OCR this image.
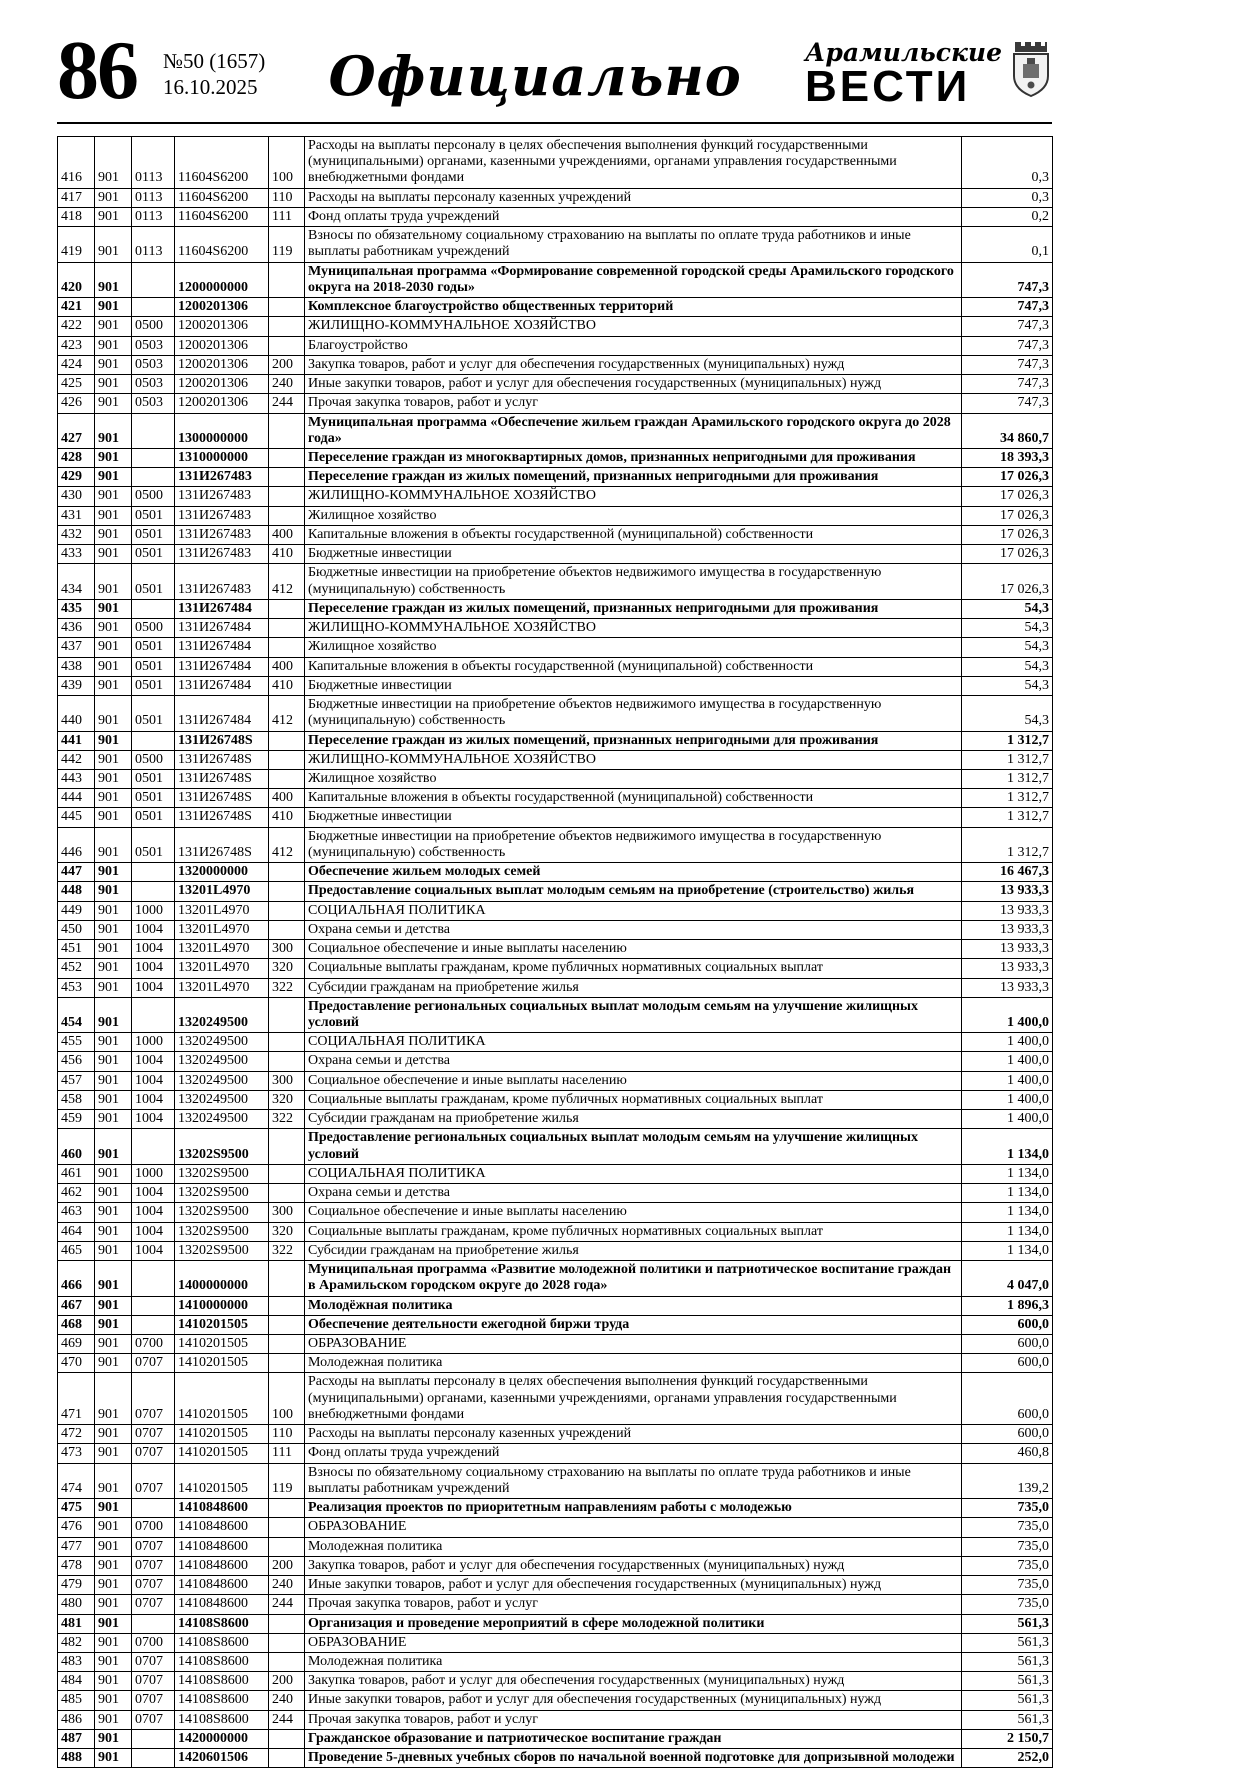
86 №50 (1657)
16.10.2025	Официально	Арамильские
ВЕСТИ
416	901	0113	11604S6200	100	Расходы на выплаты персоналу в целях обеспечения выполнения функций государственными (муниципальными) органами, казенными учреждениями, органами управления государственными внебюджетными фондами	0,3
417	901	0113	11604S6200	110	Расходы на выплаты персоналу казенных учреждений	0,3
418	901	0113	11604S6200	111	Фонд оплаты труда учреждений	0,2
419	901	0113	11604S6200	119	Взносы по обязательному социальному страхованию на выплаты по оплате труда работников и иные выплаты работникам учреждений	0,1
420	901		1200000000		Муниципальная программа «Формирование современной городской среды Арамильского городского округа на 2018-2030 годы»	747,3
421	901		1200201306		Комплексное благоустройство общественных территорий	747,3
422	901	0500	1200201306		ЖИЛИЩНО-КОММУНАЛЬНОЕ ХОЗЯЙСТВО	747,3
423	901	0503	1200201306		Благоустройство	747,3
424	901	0503	1200201306	200	Закупка товаров, работ и услуг для обеспечения государственных (муниципальных) нужд	747,3
425	901	0503	1200201306	240	Иные закупки товаров, работ и услуг для обеспечения государственных (муниципальных) нужд	747,3
426	901	0503	1200201306	244	Прочая закупка товаров, работ и услуг	747,3
427	901		1300000000		Муниципальная программа «Обеспечение жильем граждан Арамильского городского округа до 2028 года»	34 860,7
428	901		1310000000		Переселение граждан из многоквартирных домов, признанных непригодными для проживания	18 393,3
429	901		131И267483		Переселение граждан из жилых помещений, признанных непригодными для проживания	17 026,3
430	901	0500	131И267483		ЖИЛИЩНО-КОММУНАЛЬНОЕ ХОЗЯЙСТВО	17 026,3
431	901	0501	131И267483		Жилищное хозяйство	17 026,3
432	901	0501	131И267483	400	Капитальные вложения в объекты государственной (муниципальной) собственности	17 026,3
433	901	0501	131И267483	410	Бюджетные инвестиции	17 026,3
434	901	0501	131И267483	412	Бюджетные инвестиции на приобретение объектов недвижимого имущества в государственную (муниципальную) собственность	17 026,3
435	901		131И267484		Переселение граждан из жилых помещений, признанных непригодными для проживания	54,3
436	901	0500	131И267484		ЖИЛИЩНО-КОММУНАЛЬНОЕ ХОЗЯЙСТВО	54,3
437	901	0501	131И267484		Жилищное хозяйство	54,3
438	901	0501	131И267484	400	Капитальные вложения в объекты государственной (муниципальной) собственности	54,3
439	901	0501	131И267484	410	Бюджетные инвестиции	54,3
440	901	0501	131И267484	412	Бюджетные инвестиции на приобретение объектов недвижимого имущества в государственную (муниципальную) собственность	54,3
441	901		131И26748S		Переселение граждан из жилых помещений, признанных непригодными для проживания	1 312,7
442	901	0500	131И26748S		ЖИЛИЩНО-КОММУНАЛЬНОЕ ХОЗЯЙСТВО	1 312,7
443	901	0501	131И26748S		Жилищное хозяйство	1 312,7
444	901	0501	131И26748S	400	Капитальные вложения в объекты государственной (муниципальной) собственности	1 312,7
445	901	0501	131И26748S	410	Бюджетные инвестиции	1 312,7
446	901	0501	131И26748S	412	Бюджетные инвестиции на приобретение объектов недвижимого имущества в государственную (муниципальную) собственность	1 312,7
447	901		1320000000		Обеспечение жильем молодых семей	16 467,3
448	901		13201L4970		Предоставление социальных выплат молодым семьям на приобретение (строительство) жилья	13 933,3
449	901	1000	13201L4970		СОЦИАЛЬНАЯ ПОЛИТИКА	13 933,3
450	901	1004	13201L4970		Охрана семьи и детства	13 933,3
451	901	1004	13201L4970	300	Социальное обеспечение и иные выплаты населению	13 933,3
452	901	1004	13201L4970	320	Социальные выплаты гражданам, кроме публичных нормативных социальных выплат	13 933,3
453	901	1004	13201L4970	322	Субсидии гражданам на приобретение жилья	13 933,3
454	901		1320249500		Предоставление региональных социальных выплат молодым семьям на улучшение жилищных условий	1 400,0
455	901	1000	1320249500		СОЦИАЛЬНАЯ ПОЛИТИКА	1 400,0
456	901	1004	1320249500		Охрана семьи и детства	1 400,0
457	901	1004	1320249500	300	Социальное обеспечение и иные выплаты населению	1 400,0
458	901	1004	1320249500	320	Социальные выплаты гражданам, кроме публичных нормативных социальных выплат	1 400,0
459	901	1004	1320249500	322	Субсидии гражданам на приобретение жилья	1 400,0
460	901		13202S9500		Предоставление региональных социальных выплат молодым семьям на улучшение жилищных условий	1 134,0
461	901	1000	13202S9500		СОЦИАЛЬНАЯ ПОЛИТИКА	1 134,0
462	901	1004	13202S9500		Охрана семьи и детства	1 134,0
463	901	1004	13202S9500	300	Социальное обеспечение и иные выплаты населению	1 134,0
464	901	1004	13202S9500	320	Социальные выплаты гражданам, кроме публичных нормативных социальных выплат	1 134,0
465	901	1004	13202S9500	322	Субсидии гражданам на приобретение жилья	1 134,0
466	901		1400000000		Муниципальная программа «Развитие молодежной политики и патриотическое воспитание граждан в Арамильском городском округе до 2028 года»	4 047,0
467	901		1410000000		Молодёжная политика	1 896,3
468	901		1410201505		Обеспечение деятельности ежегодной биржи труда	600,0
469	901	0700	1410201505		ОБРАЗОВАНИЕ	600,0
470	901	0707	1410201505		Молодежная политика	600,0
471	901	0707	1410201505	100	Расходы на выплаты персоналу в целях обеспечения выполнения функций государственными (муниципальными) органами, казенными учреждениями, органами управления государственными внебюджетными фондами	600,0
472	901	0707	1410201505	110	Расходы на выплаты персоналу казенных учреждений	600,0
473	901	0707	1410201505	111	Фонд оплаты труда учреждений	460,8
474	901	0707	1410201505	119	Взносы по обязательному социальному страхованию на выплаты по оплате труда работников и иные выплаты работникам учреждений	139,2
475	901		1410848600		Реализация проектов по приоритетным направлениям работы с молодежью	735,0
476	901	0700	1410848600		ОБРАЗОВАНИЕ	735,0
477	901	0707	1410848600		Молодежная политика	735,0
478	901	0707	1410848600	200	Закупка товаров, работ и услуг для обеспечения государственных (муниципальных) нужд	735,0
479	901	0707	1410848600	240	Иные закупки товаров, работ и услуг для обеспечения государственных (муниципальных) нужд	735,0
480	901	0707	1410848600	244	Прочая закупка товаров, работ и услуг	735,0
481	901		14108S8600		Организация и проведение мероприятий в сфере молодежной политики	561,3
482	901	0700	14108S8600		ОБРАЗОВАНИЕ	561,3
483	901	0707	14108S8600		Молодежная политика	561,3
484	901	0707	14108S8600	200	Закупка товаров, работ и услуг для обеспечения государственных (муниципальных) нужд	561,3
485	901	0707	14108S8600	240	Иные закупки товаров, работ и услуг для обеспечения государственных (муниципальных) нужд	561,3
486	901	0707	14108S8600	244	Прочая закупка товаров, работ и услуг	561,3
487	901		1420000000		Гражданское образование и патриотическое воспитание граждан	2 150,7
488	901		1420601506		Проведение 5-дневных учебных сборов по начальной военной подготовке для допризывной молодежи	252,0
